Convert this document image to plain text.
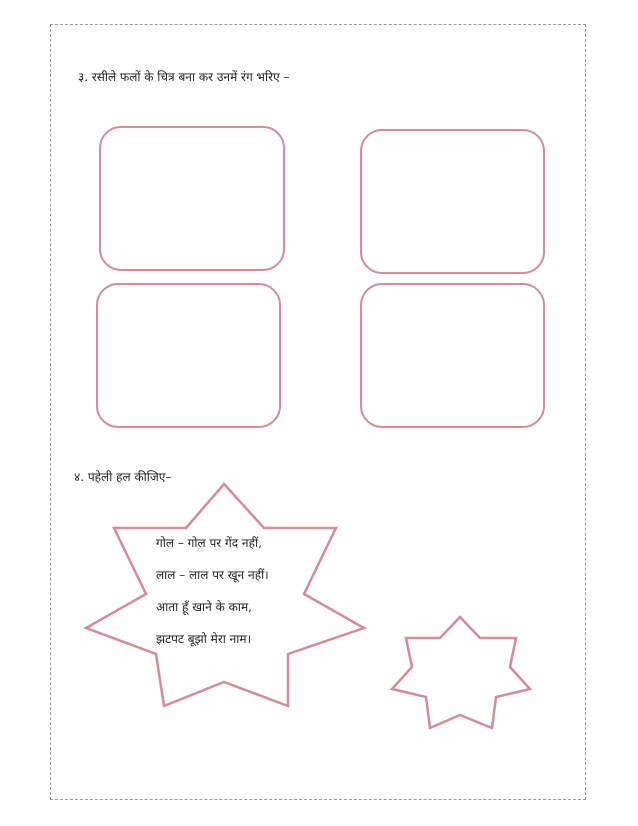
३. रसीले फलों के चित्र बना कर उनमें रंग भरिए –
४. पहेली हल कीजिए–
गोल – गोल पर गेंद नहीं,
लाल – लाल पर खून नहीं।
आता हूँ खाने के काम,
झटपट बूझो मेरा नाम।
